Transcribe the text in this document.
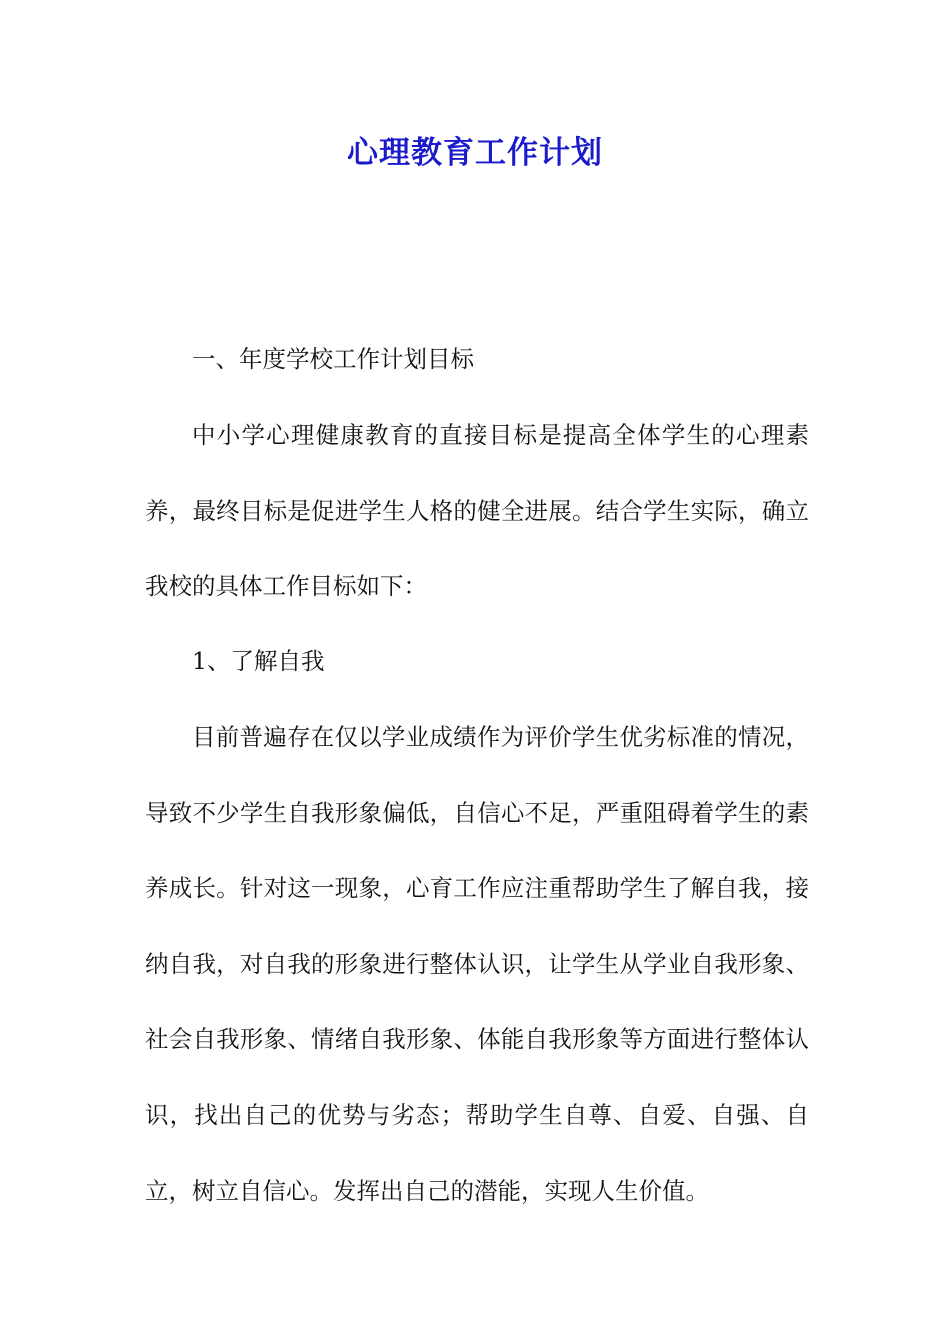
心理教育工作计划

一、年度学校工作计划目标

中小学心理健康教育的直接目标是提高全体学生的心理素养，最终目标是促进学生人格的健全进展。结合学生实际，确立我校的具体工作目标如下：

1、了解自我

目前普遍存在仅以学业成绩作为评价学生优劣标准的情况，导致不少学生自我形象偏低，自信心不足，严重阻碍着学生的素养成长。针对这一现象，心育工作应注重帮助学生了解自我，接纳自我，对自我的形象进行整体认识，让学生从学业自我形象、社会自我形象、情绪自我形象、体能自我形象等方面进行整体认识，找出自己的优势与劣态；帮助学生自尊、自爱、自强、自立，树立自信心。发挥出自己的潜能，实现人生价值。
